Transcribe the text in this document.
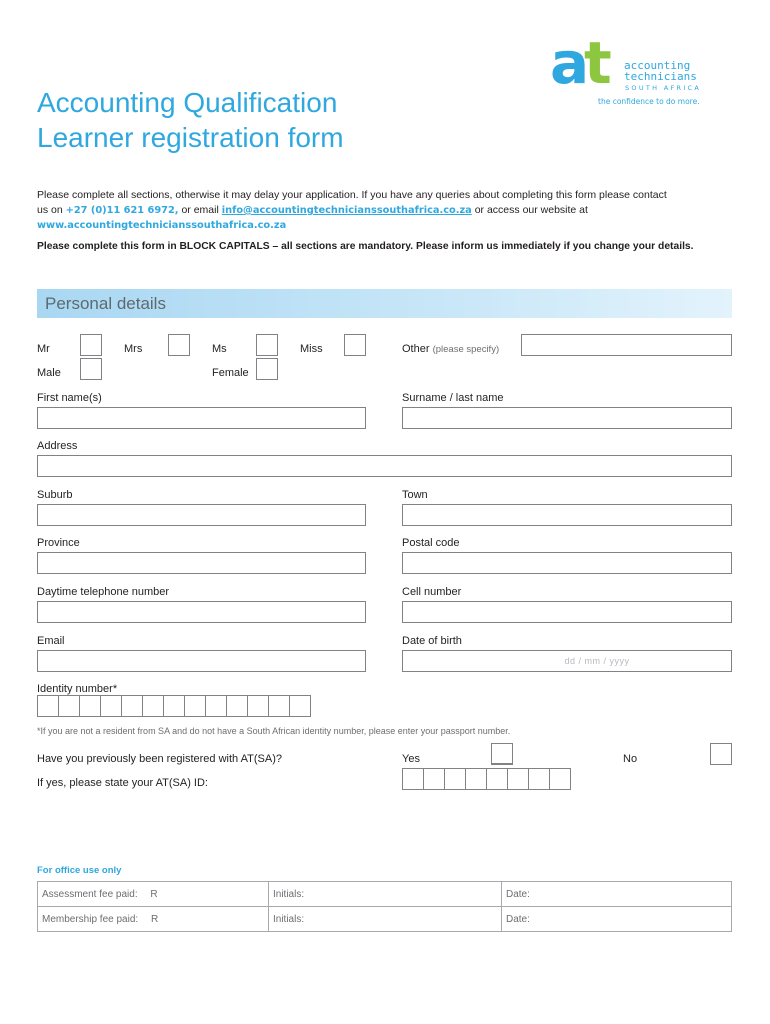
a
t accounting
technicians
SOUTH AFRICA
the confidence to do more.
Accounting Qualification
Learner registration form
Please complete all sections, otherwise it may delay your application. If you have any queries about completing this form please contact
us on +27 (0)11 621 6972, or email info@accountingtechnicianssouthafrica.co.za or access our website at
www.accountingtechnicianssouthafrica.co.za
Please complete this form in BLOCK CAPITALS – all sections are mandatory. Please inform us immediately if you change your details.
Personal details
Mr	Mrs	Ms	Miss	Other (please specify)
Male	Female
First name(s)	Surname / last name
Address
Suburb	Town
Province	Postal code
Daytime telephone number	Cell number
Email	Date of birth
dd / mm / yyyy
Identity number*
*If you are not a resident from SA and do not have a South African identity number, please enter your passport number.
Have you previously been registered with AT(SA)?	Yes	No
If yes, please state your AT(SA) ID:
For office use only
Assessment fee paid: R	Initials:	Date:
Membership fee paid: R	Initials:	Date:
